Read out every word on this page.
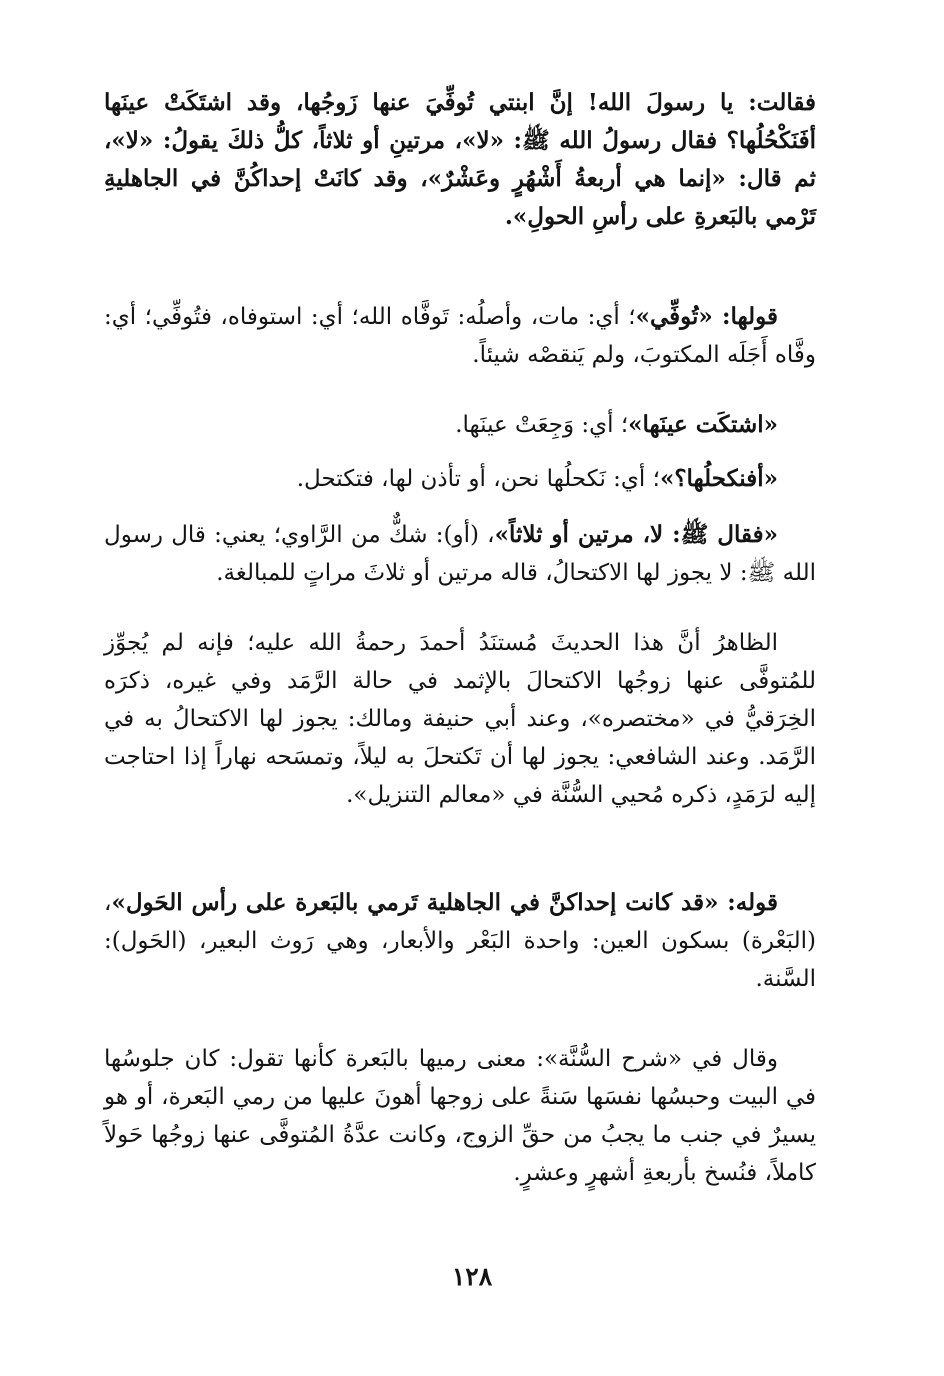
فقالت: يا رسولَ الله! إنَّ ابنتي تُوفِّيَ عنها زَوجُها، وقد اشتَكَتْ عينَها أفَنَكْحُلُها؟ فقال رسولُ الله ﷺ: «لا»، مرتينِ أو ثلاثاً، كلُّ ذلكَ يقولُ: «لا»، ثم قال: «إنما هي أربعةُ أَشْهُرٍ وعَشْرٌ»، وقد كانَتْ إحداكُنَّ في الجاهليةِ تَرْمي بالبَعرةِ على رأسِ الحولِ».

قولها: «تُوفِّي»؛ أي: مات، وأصلُه: تَوفَّاه الله؛ أي: استوفاه، فتُوفِّي؛ أي: وفَّاه أَجَلَه المكتوبَ، ولم يَنقصْه شيئاً.

«اشتكَت عينَها»؛ أي: وَجِعَتْ عينَها.

«أفنكحلُها؟»؛ أي: نَكحلُها نحن، أو تأذن لها، فتكتحل.

«فقال ﷺ: لا، مرتين أو ثلاثاً»، (أو): شكٌّ من الرَّاوي؛ يعني: قال رسول الله ﷺ: لا يجوز لها الاكتحالُ، قاله مرتين أو ثلاثَ مراتٍ للمبالغة.

الظاهرُ أنَّ هذا الحديثَ مُستنَدُ أحمدَ رحمةُ الله عليه؛ فإنه لم يُجوِّز للمُتوفَّى عنها زوجُها الاكتحالَ بالإثمد في حالة الرَّمَد وفي غيره، ذكرَه الخِرَقيُّ في «مختصره»، وعند أبي حنيفة ومالك: يجوز لها الاكتحالُ به في الرَّمَد. وعند الشافعي: يجوز لها أن تَكتحلَ به ليلاً، وتمسَحه نهاراً إذا احتاجت إليه لرَمَدٍ، ذكره مُحيي السُّنَّة في «معالم التنزيل».

قوله: «قد كانت إحداكنَّ في الجاهلية تَرمي بالبَعرة على رأس الحَول»، (البَعْرة) بسكون العين: واحدة البَعْر والأبعار، وهي رَوث البعير، (الحَول): السَّنة.

وقال في «شرح السُّنَّة»: معنى رميها بالبَعرة كأنها تقول: كان جلوسُها في البيت وحبسُها نفسَها سَنةً على زوجها أهونَ عليها من رمي البَعرة، أو هو يسيرٌ في جنب ما يجبُ من حقِّ الزوج، وكانت عدَّةُ المُتوفَّى عنها زوجُها حَولاً كاملاً، فنُسخ بأربعةِ أشهرٍ وعشرٍ.

١٢٨
